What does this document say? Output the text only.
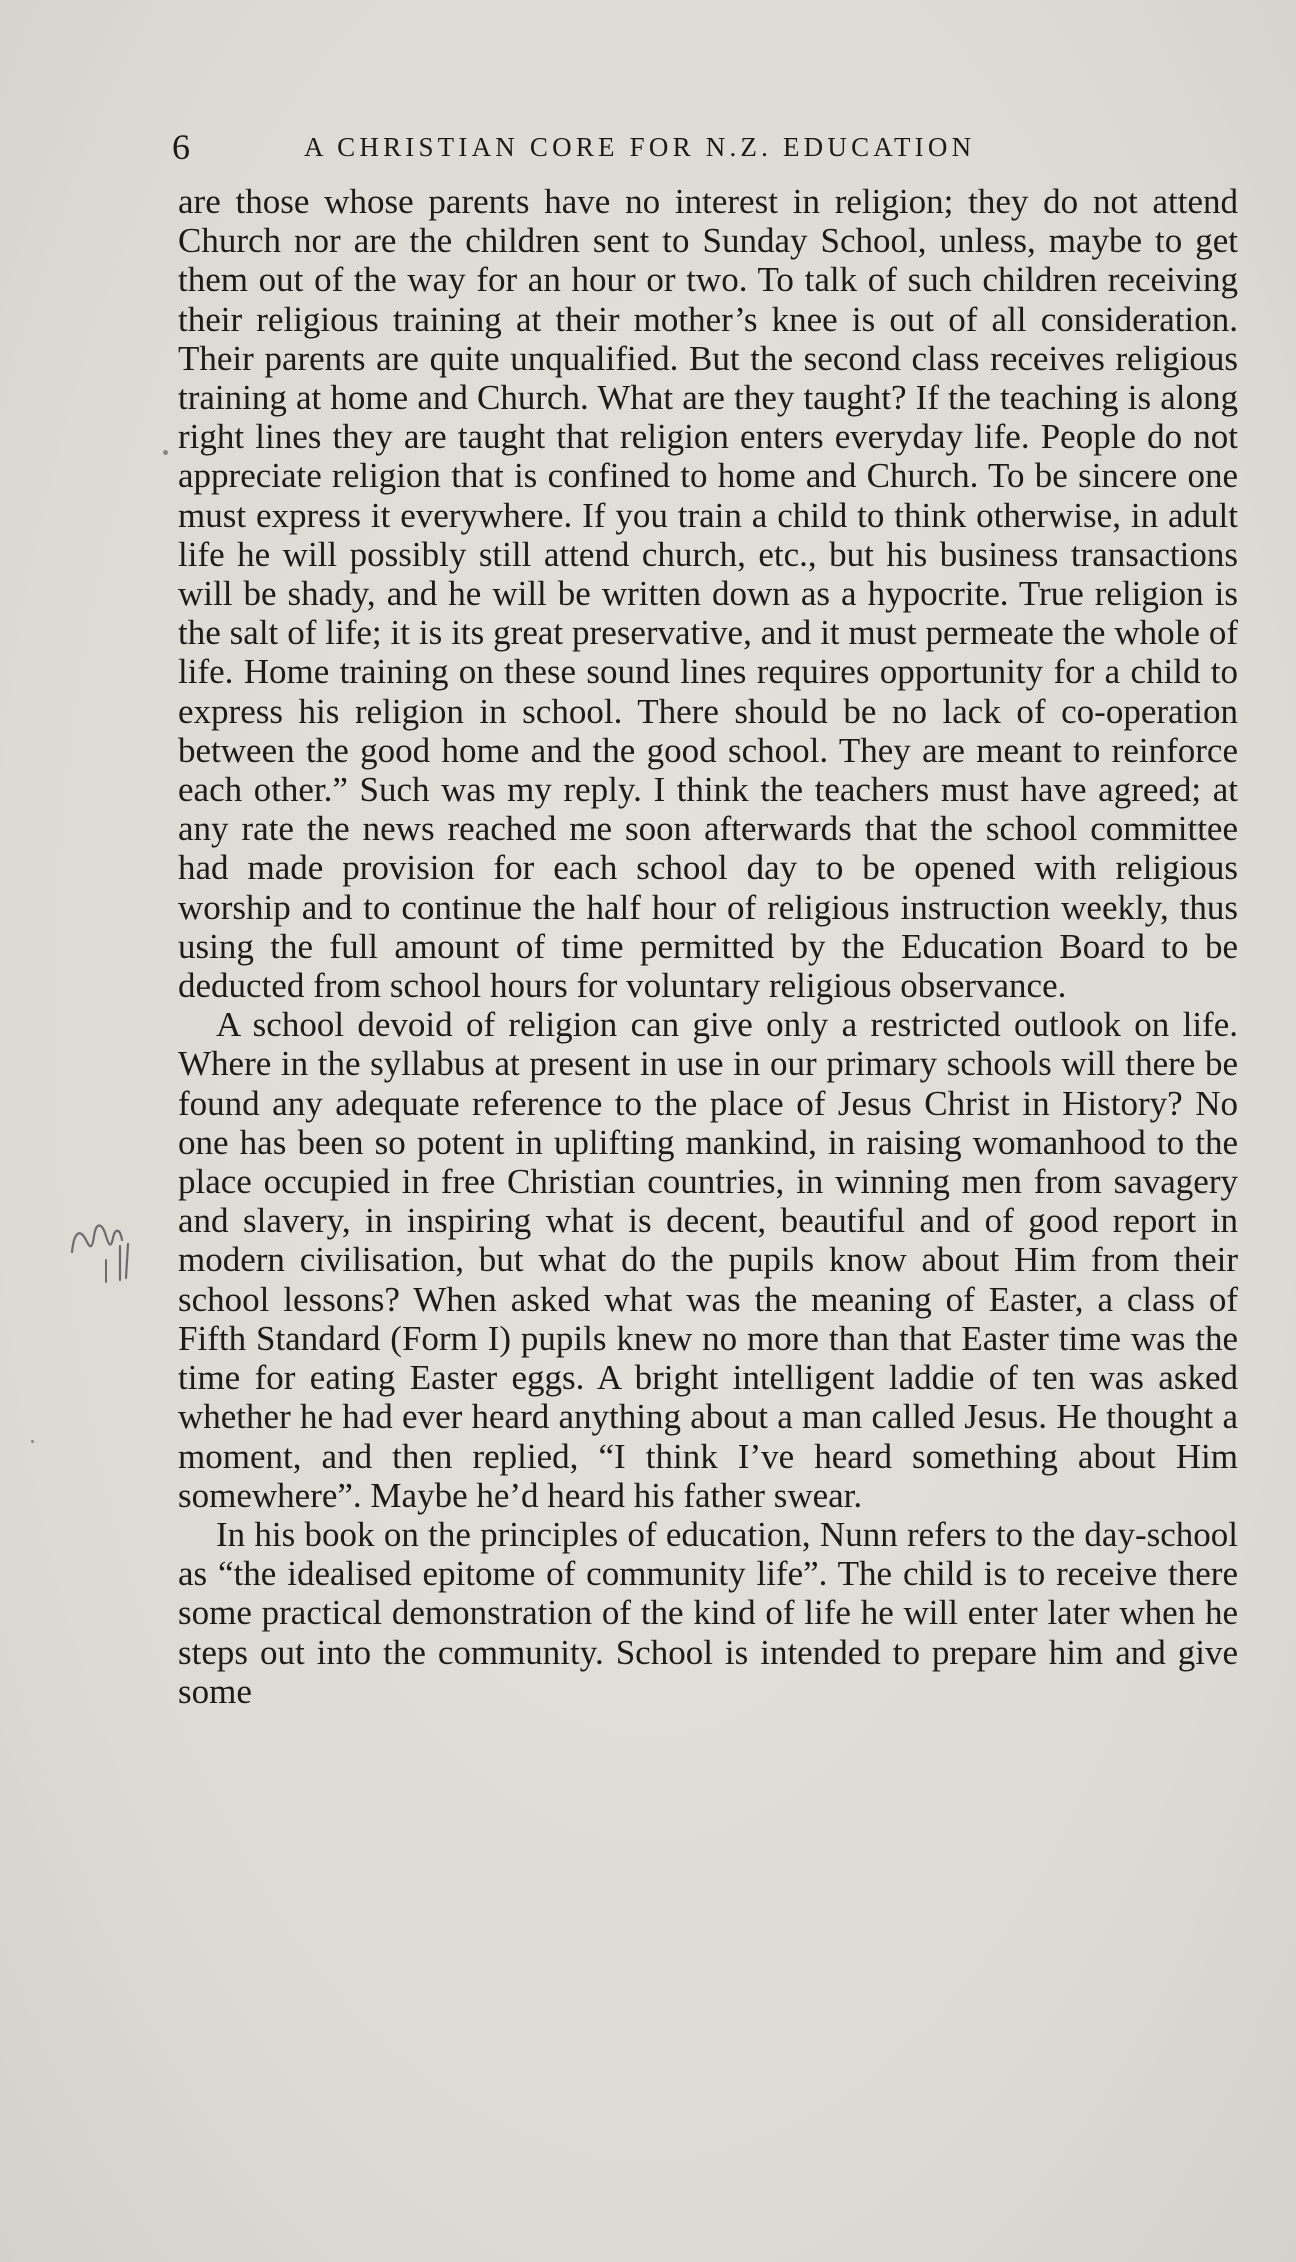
6	A CHRISTIAN CORE FOR N.Z. EDUCATION

are those whose parents have no interest in religion; they do not attend Church nor are the children sent to Sunday School, unless, maybe to get them out of the way for an hour or two. To talk of such children receiving their religious training at their mother’s knee is out of all consideration. Their parents are quite unqualified. But the second class receives religious training at home and Church. What are they taught? If the teaching is along right lines they are taught that religion enters everyday life. People do not appreciate religion that is confined to home and Church. To be sincere one must express it everywhere. If you train a child to think otherwise, in adult life he will possibly still attend church, etc., but his business transactions will be shady, and he will be written down as a hypocrite. True religion is the salt of life; it is its great preservative, and it must permeate the whole of life. Home training on these sound lines requires opportunity for a child to express his religion in school. There should be no lack of co-operation between the good home and the good school. They are meant to reinforce each other.” Such was my reply. I think the teachers must have agreed; at any rate the news reached me soon afterwards that the school committee had made provision for each school day to be opened with religious worship and to continue the half hour of religious instruction weekly, thus using the full amount of time permitted by the Education Board to be deducted from school hours for voluntary religious observance.

A school devoid of religion can give only a restricted outlook on life. Where in the syllabus at present in use in our primary schools will there be found any adequate reference to the place of Jesus Christ in History? No one has been so potent in uplifting mankind, in raising womanhood to the place occupied in free Christian countries, in winning men from savagery and slavery, in inspiring what is decent, beautiful and of good report in modern civilisation, but what do the pupils know about Him from their school lessons? When asked what was the meaning of Easter, a class of Fifth Standard (Form I) pupils knew no more than that Easter time was the time for eating Easter eggs. A bright intelligent laddie of ten was asked whether he had ever heard anything about a man called Jesus. He thought a moment, and then replied, “I think I’ve heard something about Him somewhere”. Maybe he’d heard his father swear.

In his book on the principles of education, Nunn refers to the day-school as “the idealised epitome of community life”. The child is to receive there some practical demonstration of the kind of life he will enter later when he steps out into the community. School is intended to prepare him and give some
